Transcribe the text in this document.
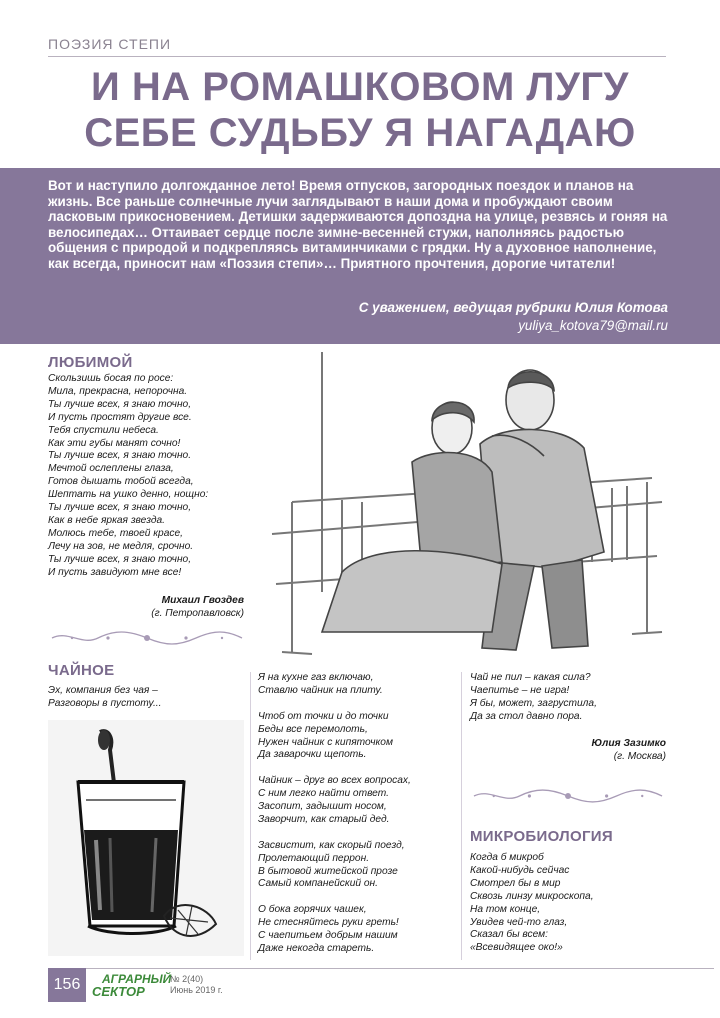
ПОЭЗИЯ СТЕПИ
И НА РОМАШКОВОМ ЛУГУ
СЕБЕ СУДЬБУ Я НАГАДАЮ
Вот и наступило долгожданное лето! Время отпусков, загородных поездок и планов на жизнь. Все раньше солнечные лучи заглядывают в наши дома и пробуждают своим ласковым прикосновением. Детишки задерживаются допоздна на улице, резвясь и гоняя на велосипедах… Оттаивает сердце после зимне-весенней стужи, наполняясь радостью общения с природой и подкрепляясь витаминчиками с грядки. Ну а духовное наполнение, как всегда, приносит нам «Поэзия степи»… Приятного прочтения, дорогие читатели!
С уважением, ведущая рубрики Юлия Котова
yuliya_kotova79@mail.ru
ЛЮБИМОЙ
Скользишь босая по росе:
Мила, прекрасна, непорочна.
Ты лучше всех, я знаю точно,
И пусть простят другие все.
Тебя спустили небеса.
Как эти губы манят сочно!
Ты лучше всех, я знаю точно.
Мечтой ослеплены глаза,
Готов дышать тобой всегда,
Шептать на ушко денно, нощно:
Ты лучше всех, я знаю точно,
Как в небе яркая звезда.
Молюсь тебе, твоей красе,
Лечу на зов, не медля, срочно.
Ты лучше всех, я знаю точно,
И пусть завидуют мне все!
Михаил Гвоздев
(г. Петропавловск)
ЧАЙНОЕ
Эх, компания без чая –
Разговоры в пустоту...
Я на кухне газ включаю,
Ставлю чайник на плиту.
Чтоб от точки и до точки
Беды все перемолоть,
Нужен чайник с кипяточком
Да заварочки щепоть.
Чайник – друг во всех вопросах,
С ним легко найти ответ.
Засопит, задышит носом,
Заворчит, как старый дед.
Засвистит, как скорый поезд,
Пролетающий перрон.
В бытовой житейской прозе
Самый компанейский он.
О бока горячих чашек,
Не стесняйтесь руки греть!
С чаепитьем добрым нашим
Даже некогда стареть.
Чай не пил – какая сила?
Чаепитье – не игра!
Я бы, может, загрустила,
Да за стол давно пора.
Юлия Зазимко
(г. Москва)
МИКРОБИОЛОГИЯ
Когда б микроб
Какой-нибудь сейчас
Смотрел бы в мир
Сквозь линзу микроскопа,
На том конце,
Увидев чей-то глаз,
Сказал бы всем:
«Всевидящее око!»
156	АГРАРНЫЙ
СЕКТОР
№ 2(40)
Июнь 2019 г.
